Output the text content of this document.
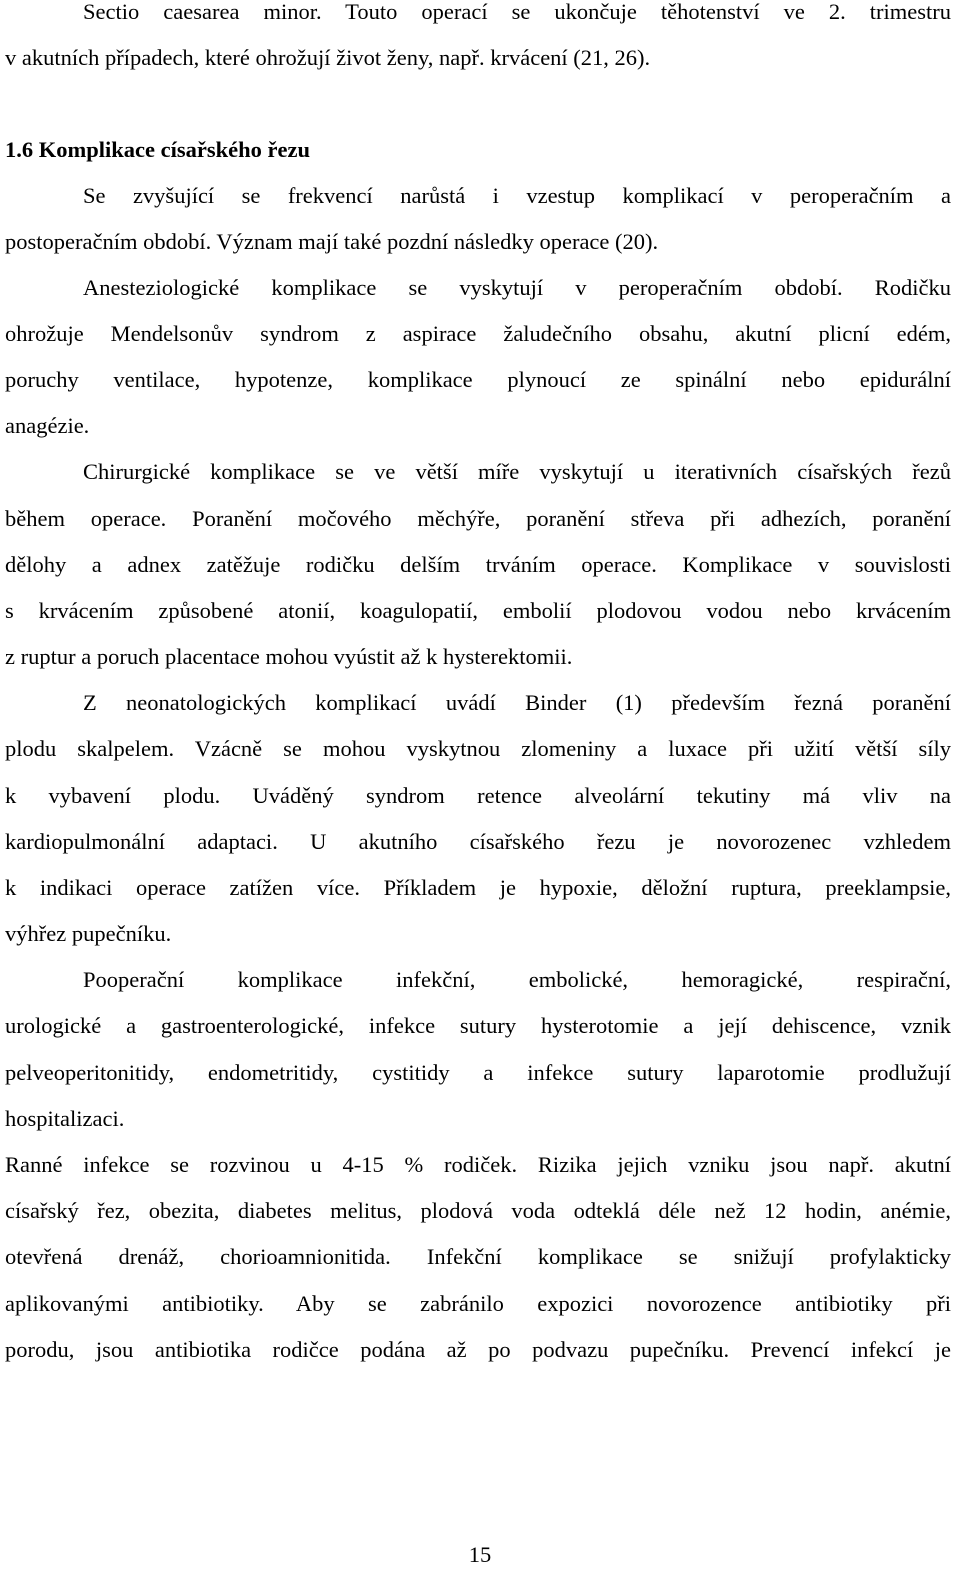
Sectio caesarea minor. Touto operací se ukončuje těhotenství ve 2. trimestru
v akutních případech, které ohrožují život ženy, např. krvácení (21, 26).
1.6 Komplikace císařského řezu
Se zvyšující se frekvencí narůstá i vzestup komplikací v peroperačním a
postoperačním období. Význam mají také pozdní následky operace (20).
Anesteziologické komplikace se vyskytují v peroperačním období. Rodičku
ohrožuje Mendelsonův syndrom z aspirace žaludečního obsahu, akutní plicní edém,
poruchy ventilace, hypotenze, komplikace plynoucí ze spinální nebo epidurální
anagézie.
Chirurgické komplikace se ve větší míře vyskytují u iterativních císařských řezů
během operace. Poranění močového měchýře, poranění střeva při adhezích, poranění
dělohy a adnex zatěžuje rodičku delším trváním operace. Komplikace v souvislosti
s krvácením způsobené atonií, koagulopatií, embolií plodovou vodou nebo krvácením
z ruptur a poruch placentace mohou vyústit až k hysterektomii.
Z neonatologických komplikací uvádí Binder (1) především řezná poranění
plodu skalpelem. Vzácně se mohou vyskytnou zlomeniny a luxace při užití větší síly
k vybavení plodu. Uváděný syndrom retence alveolární tekutiny má vliv na
kardiopulmonální adaptaci. U akutního císařského řezu je novorozenec vzhledem
k indikaci operace zatížen více. Příkladem je hypoxie, děložní ruptura, preeklampsie,
výhřez pupečníku.
Pooperační komplikace infekční, embolické, hemoragické, respirační,
urologické a gastroenterologické, infekce sutury hysterotomie a její dehiscence, vznik
pelveoperitonitidy, endometritidy, cystitidy a infekce sutury laparotomie prodlužují
hospitalizaci.
Ranné infekce se rozvinou u 4-15 % rodiček. Rizika jejich vzniku jsou např. akutní
císařský řez, obezita, diabetes melitus, plodová voda odteklá déle než 12 hodin, anémie,
otevřená drenáž, chorioamnionitida. Infekční komplikace se snižují profylakticky
aplikovanými antibiotiky. Aby se zabránilo expozici novorozence antibiotiky při
porodu, jsou antibiotika rodičce podána až po podvazu pupečníku. Prevencí infekcí je
15
